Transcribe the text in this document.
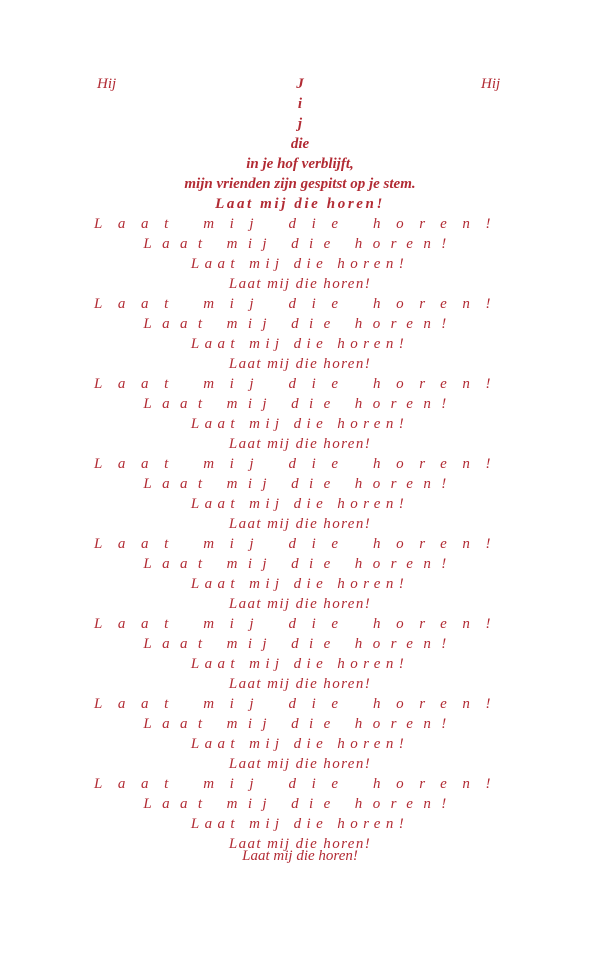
Hij	Hij
J
i
j
die
in je hof verblijft,
mijn vrienden zijn gespitst op je stem.
Laat mij die horen!
Laat mij die horen!
Laat mij die horen!
Laat mij die horen!
Laat mij die horen!
Laat mij die horen!
Laat mij die horen!
Laat mij die horen!
Laat mij die horen!
Laat mij die horen!
Laat mij die horen!
Laat mij die horen!
Laat mij die horen!
Laat mij die horen!
Laat mij die horen!
Laat mij die horen!
Laat mij die horen!
Laat mij die horen!
Laat mij die horen!
Laat mij die horen!
Laat mij die horen!
Laat mij die horen!
Laat mij die horen!
Laat mij die horen!
Laat mij die horen!
Laat mij die horen!
Laat mij die horen!
Laat mij die horen!
Laat mij die horen!
Laat mij die horen!
Laat mij die horen!
Laat mij die horen!
Laat mij die horen!
Laat mij die horen!
